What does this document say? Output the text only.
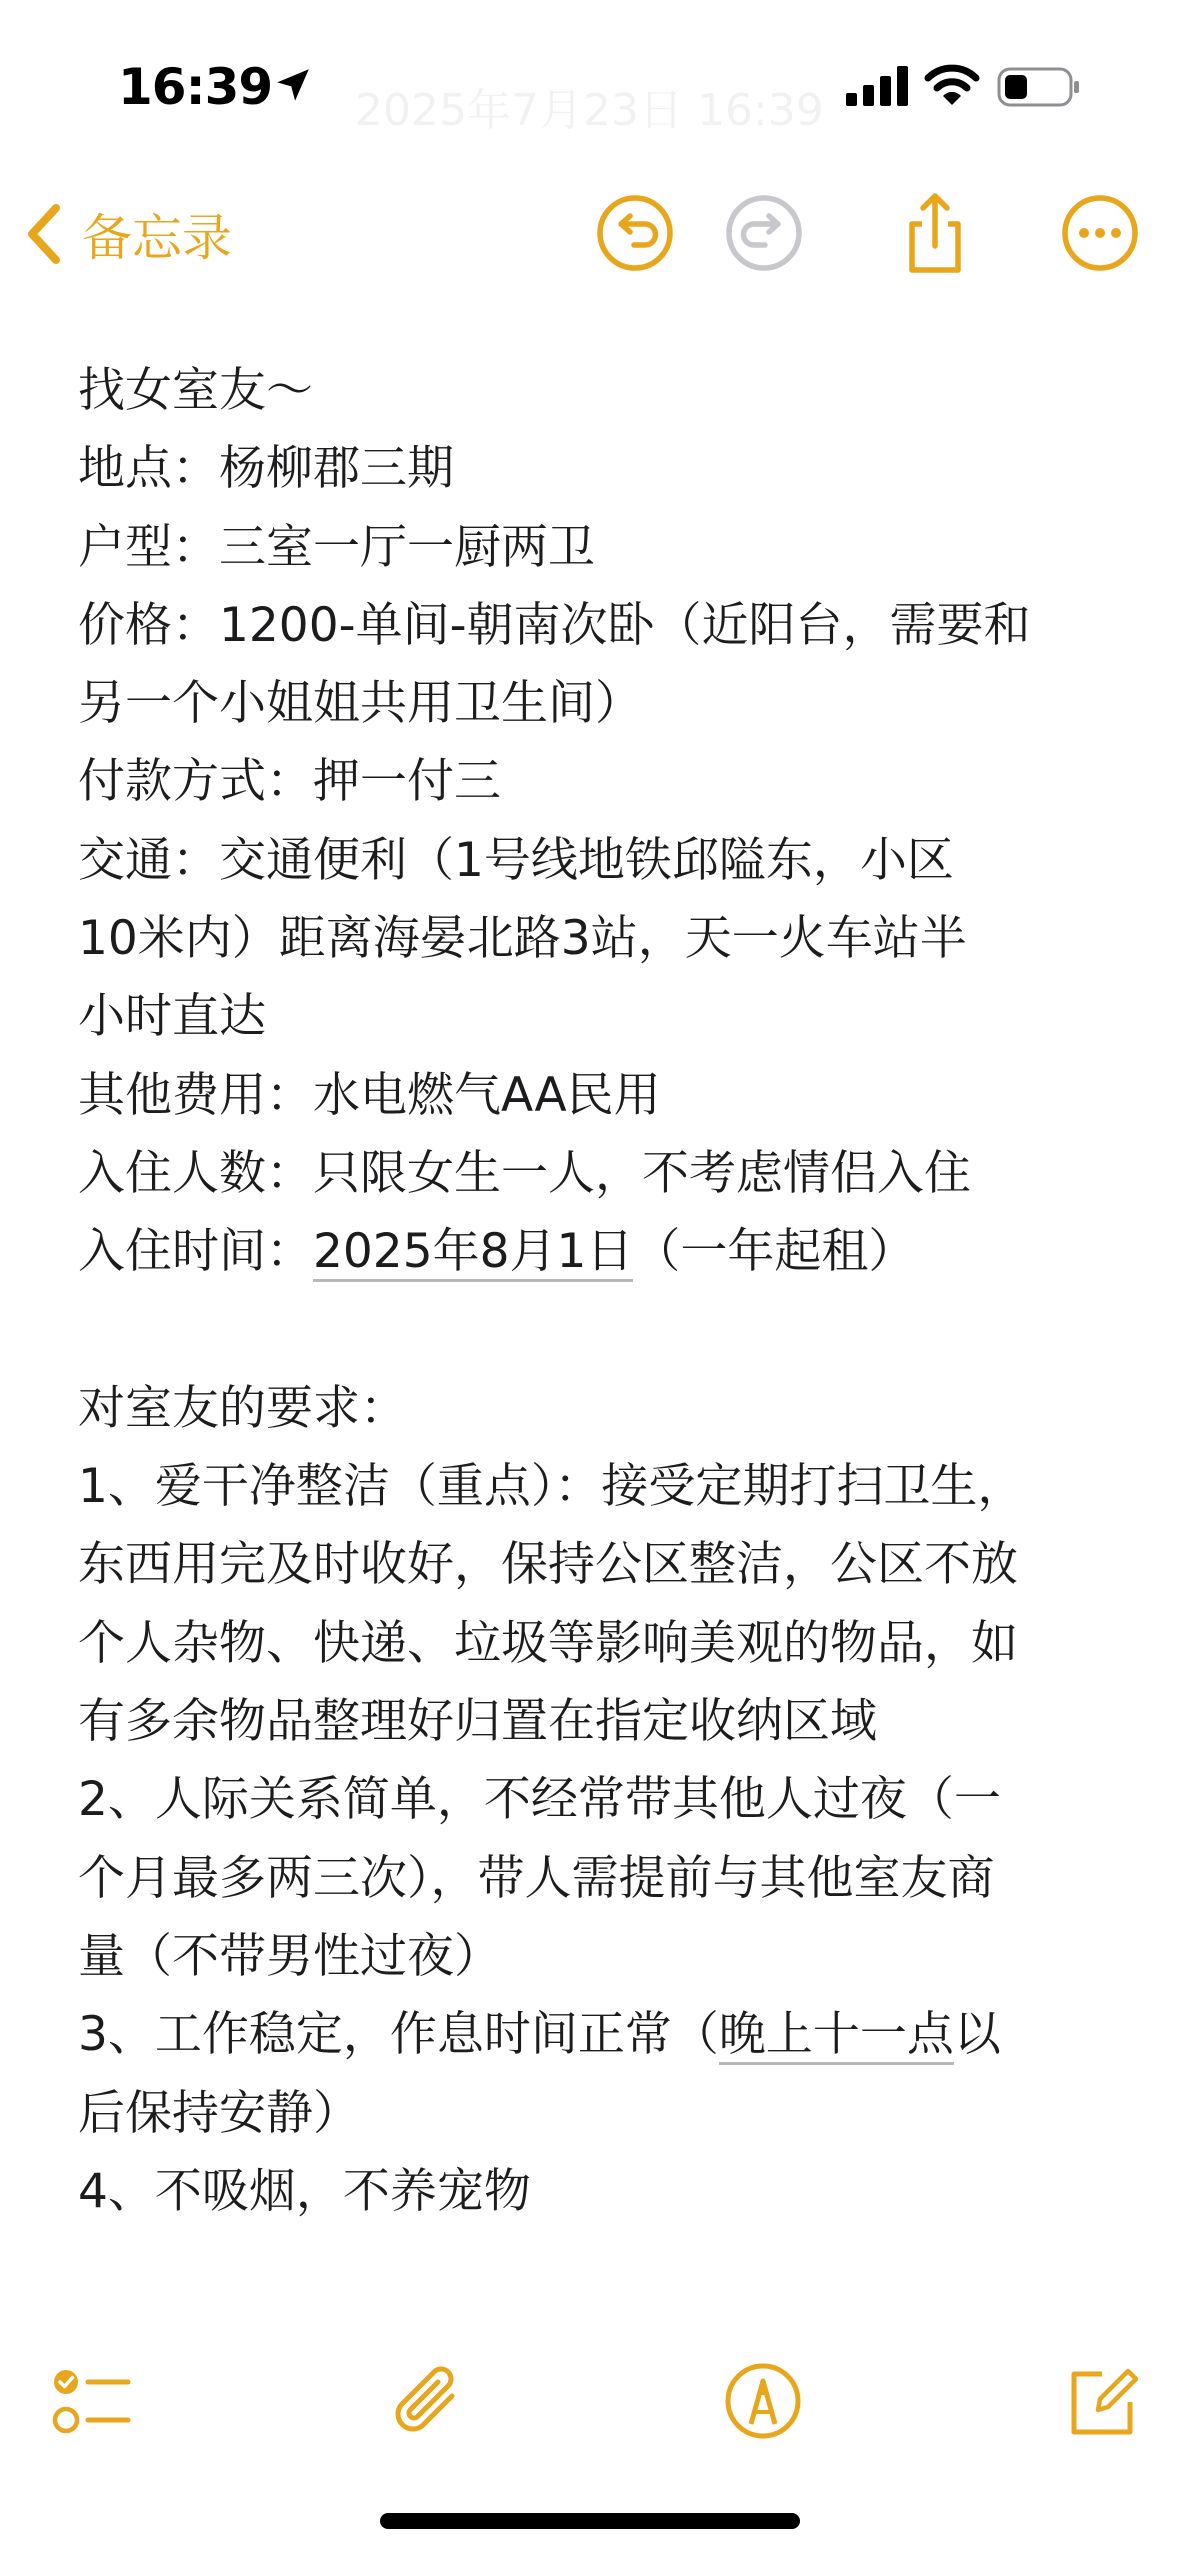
16:39 2025年7月23日 16:39
备忘录
找女室友～
地点：杨柳郡三期
户型：三室一厅一厨两卫
价格：1200-单间-朝南次卧（近阳台，需要和
另一个小姐姐共用卫生间）
付款方式：押一付三
交通：交通便利（1号线地铁邱隘东，小区
10米内）距离海晏北路3站，天一火车站半
小时直达
其他费用：水电燃气AA民用
入住人数：只限女生一人，不考虑情侣入住
入住时间：2025年8月1日（一年起租）
对室友的要求：
1、爱干净整洁（重点）：接受定期打扫卫生，
东西用完及时收好，保持公区整洁，公区不放
个人杂物、快递、垃圾等影响美观的物品，如
有多余物品整理好归置在指定收纳区域
2、人际关系简单，不经常带其他人过夜（一
个月最多两三次），带人需提前与其他室友商
量（不带男性过夜）
3、工作稳定，作息时间正常（晚上十一点以
后保持安静）
4、不吸烟，不养宠物
